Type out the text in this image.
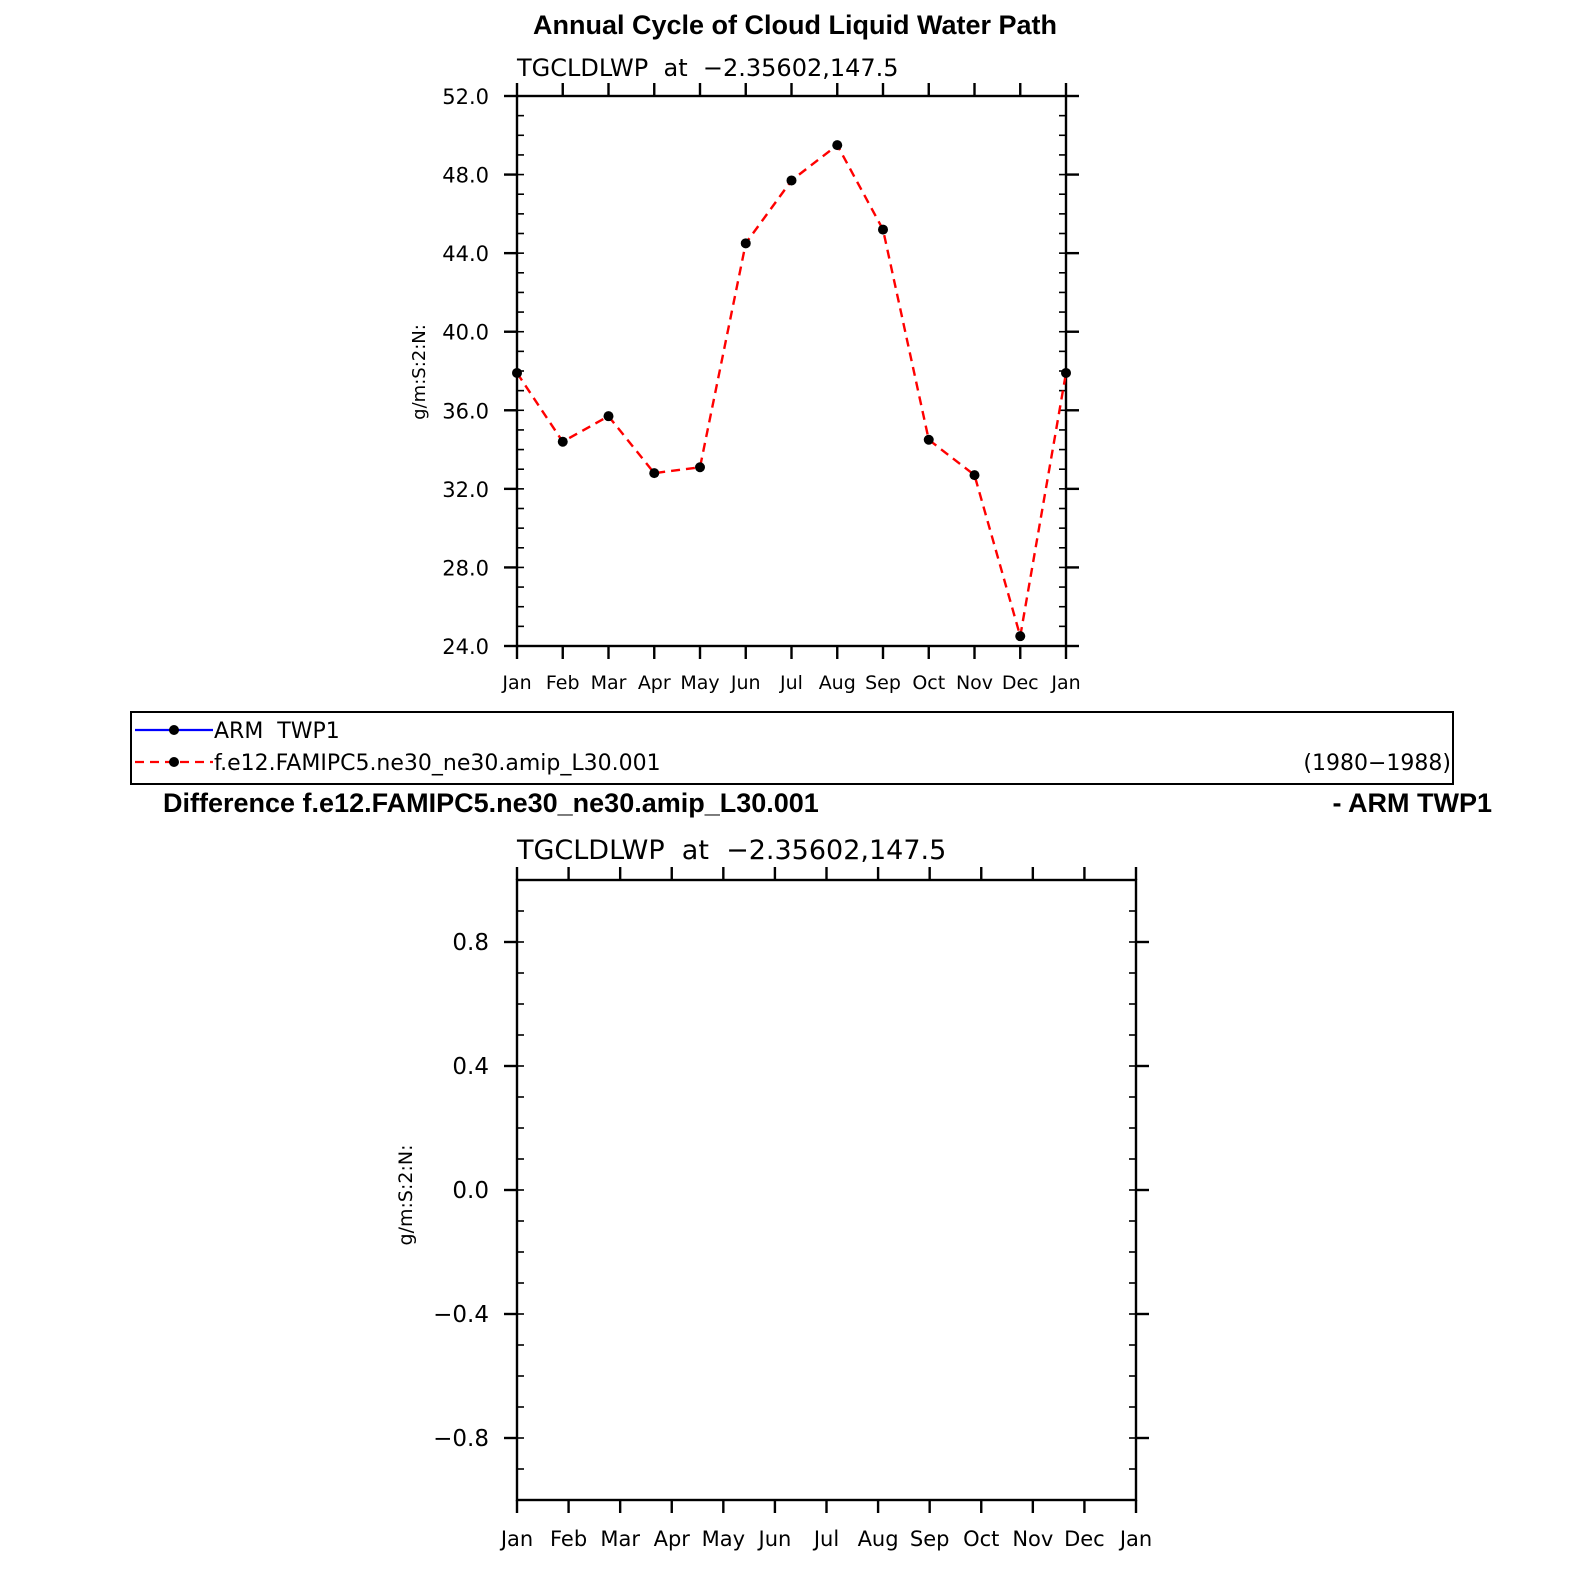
Annual Cycle of Cloud Liquid Water Path
TGCLDLWP  at  −2.35602,147.5
Jan Feb Mar Apr May Jun Jul Aug Sep Oct Nov Dec Jan
24.0
28.0
32.0
36.0
40.0
44.0
48.0
52.0
g/m:S:2:N:
ARM  TWP1
f.e12.FAMIPC5.ne30_ne30.amip_L30.001	(1980−1988)
Difference f.e12.FAMIPC5.ne30_ne30.amip_L30.001	- ARM TWP1
TGCLDLWP  at  −2.35602,147.5
Jan Feb Mar Apr May Jun Jul Aug Sep Oct Nov Dec Jan
−0.8
−0.4
0.0
0.4
0.8
g/m:S:2:N:
